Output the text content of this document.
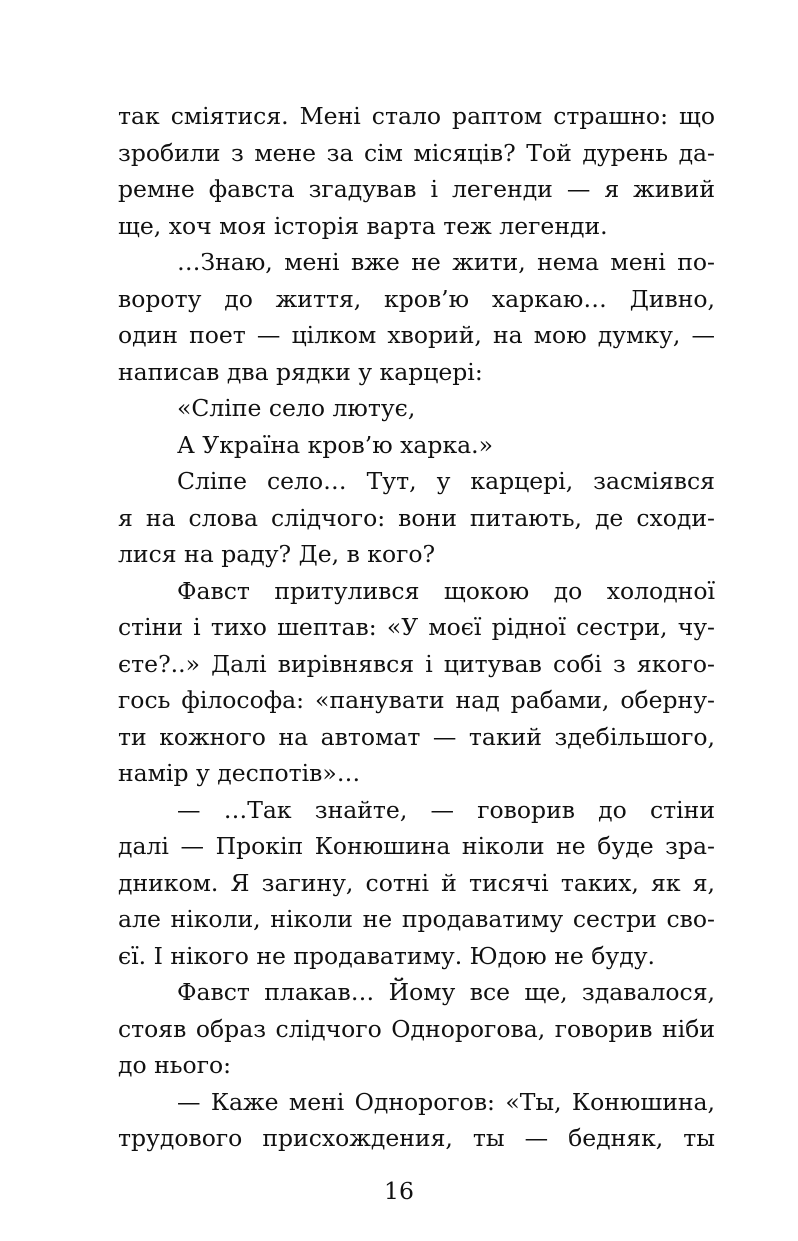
так сміятися. Мені стало раптом страшно: що
зробили з мене за сім місяців? Той дурень да-
ремне фавста згадував і легенди — я живий
ще, хоч моя історія варта теж легенди.
…Знаю, мені вже не жити, нема мені по-
вороту до життя, кров’ю харкаю… Дивно,
один поет — цілком хворий, на мою думку, —
написав два рядки у карцері:
«Сліпе село лютує,
А Україна кров’ю харка.»
Сліпе село… Тут, у карцері, засміявся
я на слова слідчого: вони питають, де сходи-
лися на раду? Де, в кого?
Фавст притулився щокою до холодної
стіни і тихо шептав: «У моєї рідної сестри, чу-
єте?..» Далі вирівнявся і цитував собі з якого-
гось філософа: «панувати над рабами, оберну-
ти кожного на автомат — такий здебільшого,
намір у деспотів»…
— …Так знайте, — говорив до стіни
далі — Прокіп Конюшина ніколи не буде зра-
дником. Я загину, сотні й тисячі таких, як я,
але ніколи, ніколи не продаватиму сестри сво-
єї. І нікого не продаватиму. Юдою не буду.
Фавст плакав… Йому все ще, здавалося,
стояв образ слідчого Однорогова, говорив ніби
до нього:
— Каже мені Однорогов: «Ты, Конюшина,
трудового присхождения, ты — бедняк, ты
16
